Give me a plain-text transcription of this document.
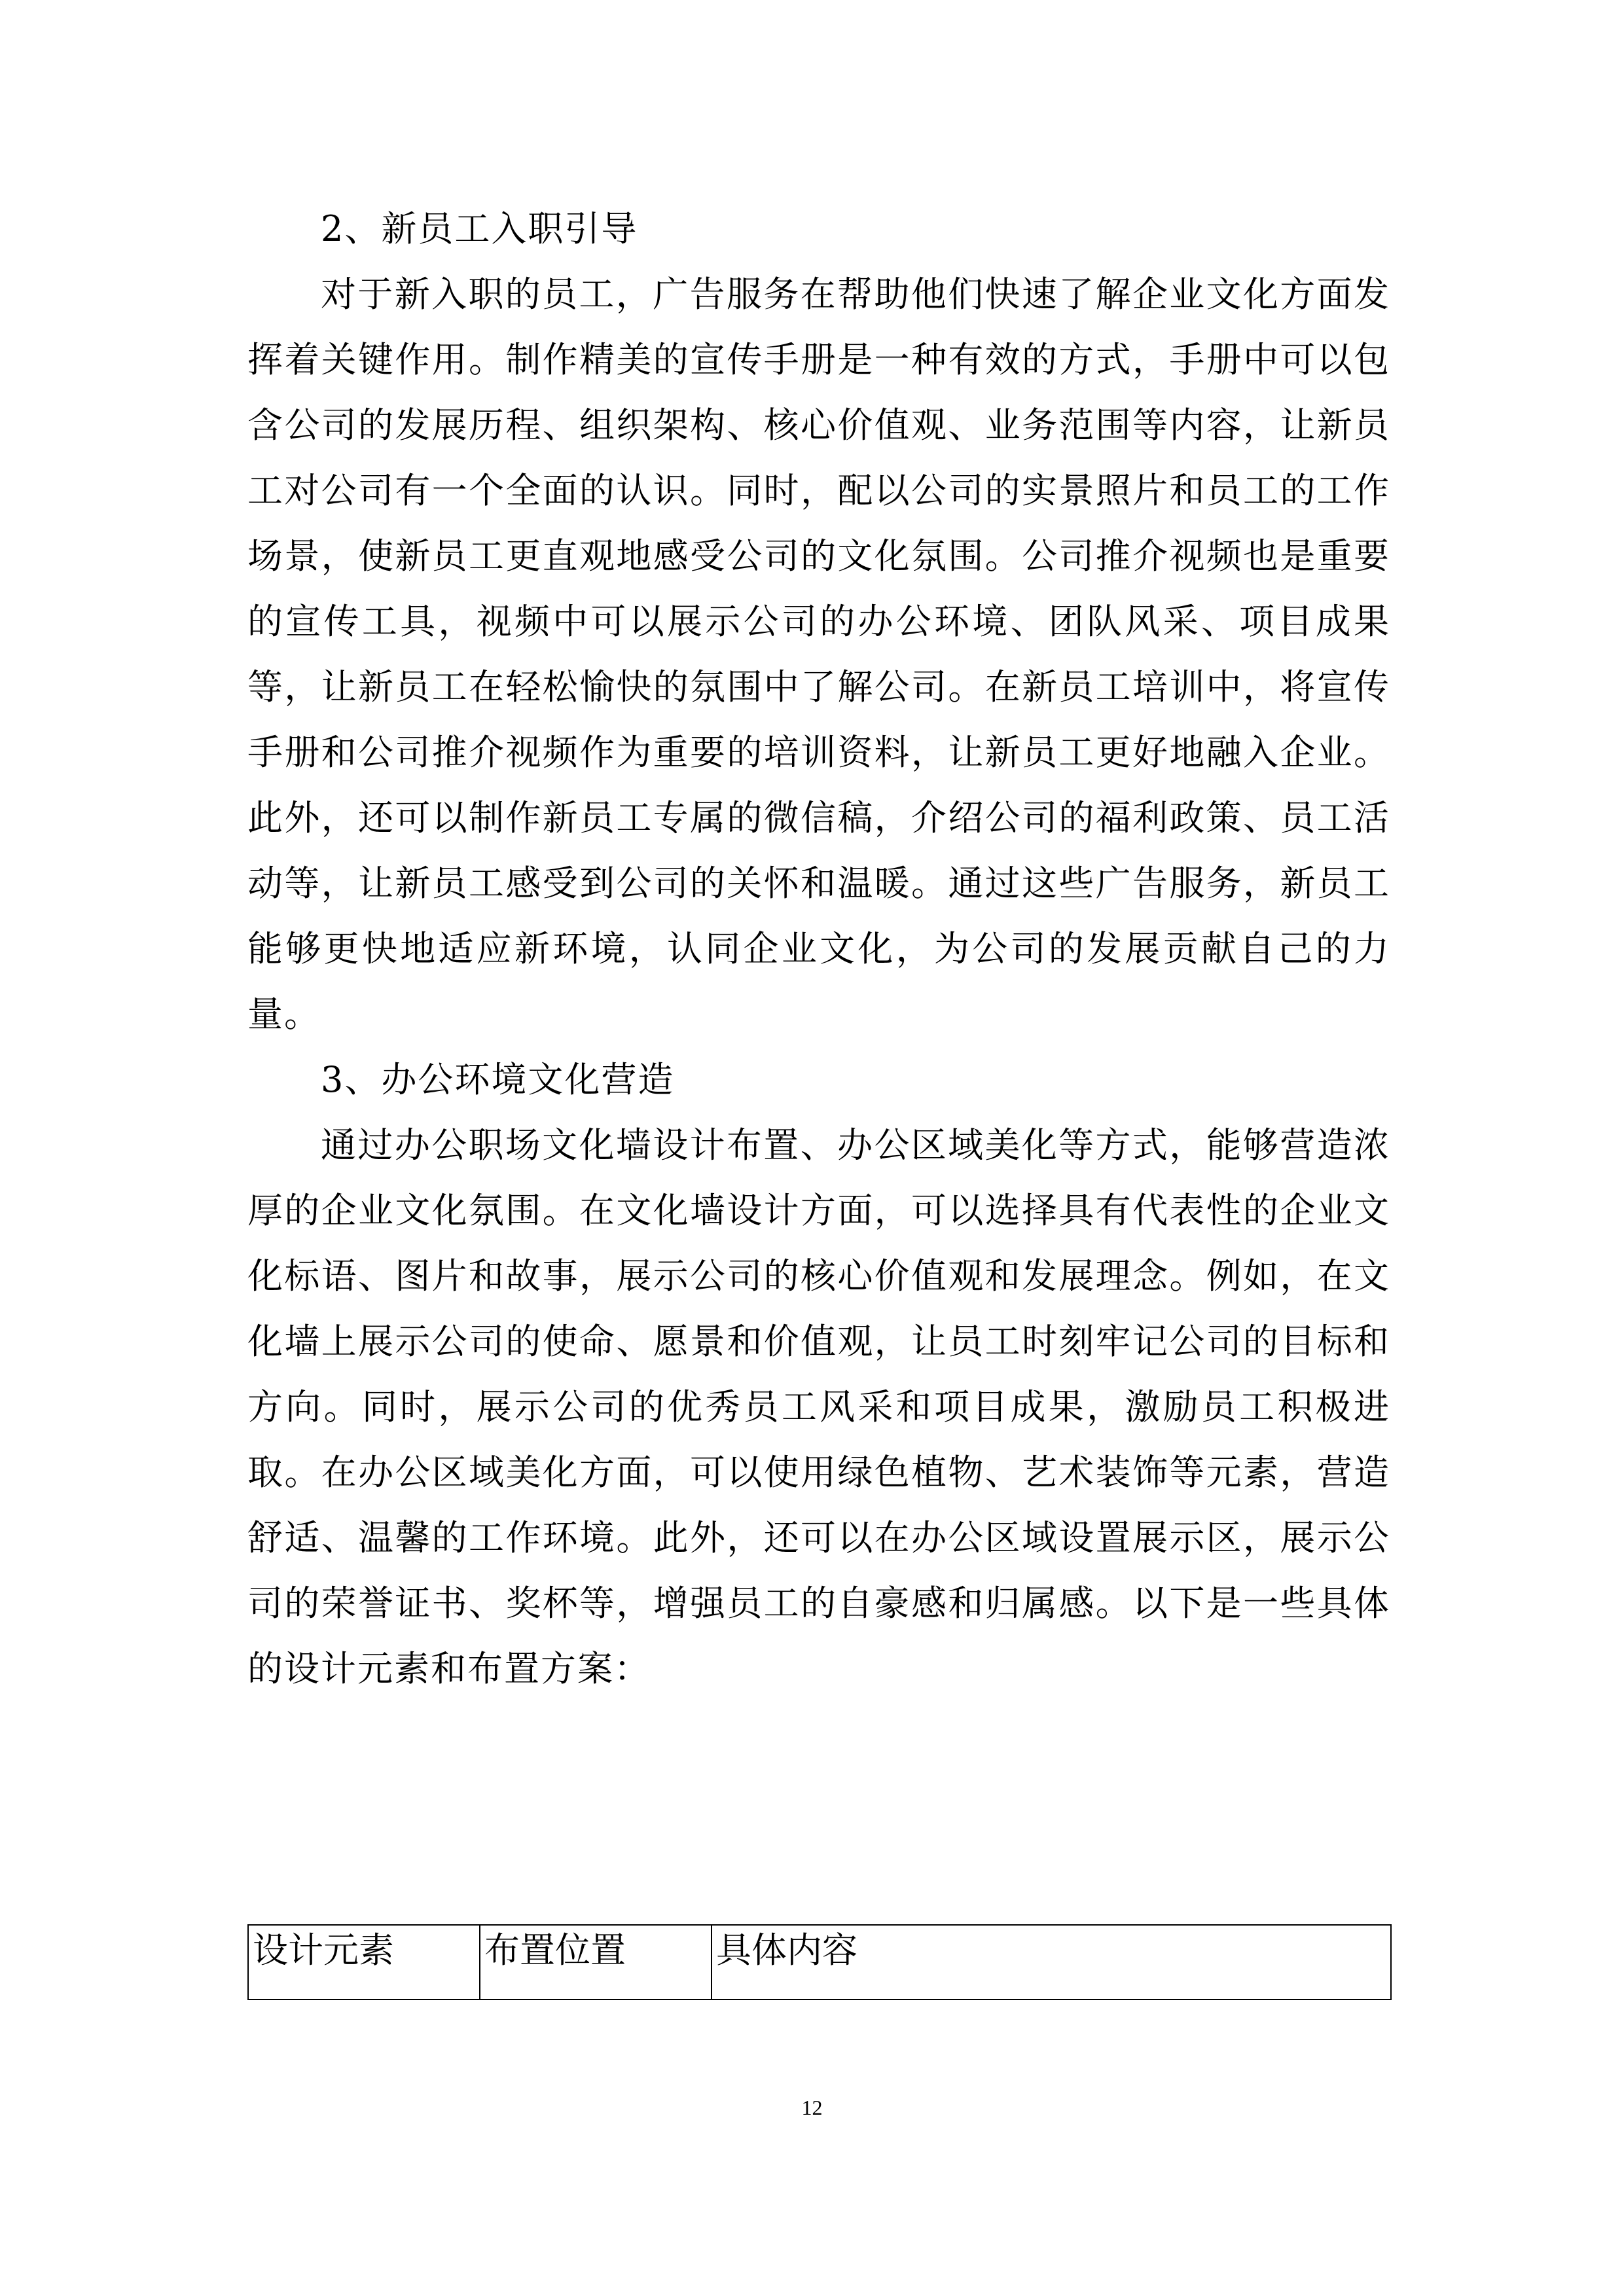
2、新员工入职引导

对于新入职的员工，广告服务在帮助他们快速了解企业文化方面发挥着关键作用。制作精美的宣传手册是一种有效的方式，手册中可以包含公司的发展历程、组织架构、核心价值观、业务范围等内容，让新员工对公司有一个全面的认识。同时，配以公司的实景照片和员工的工作场景，使新员工更直观地感受公司的文化氛围。公司推介视频也是重要的宣传工具，视频中可以展示公司的办公环境、团队风采、项目成果等，让新员工在轻松愉快的氛围中了解公司。在新员工培训中，将宣传手册和公司推介视频作为重要的培训资料，让新员工更好地融入企业。此外，还可以制作新员工专属的微信稿，介绍公司的福利政策、员工活动等，让新员工感受到公司的关怀和温暖。通过这些广告服务，新员工能够更快地适应新环境，认同企业文化，为公司的发展贡献自己的力量。

3、办公环境文化营造

通过办公职场文化墙设计布置、办公区域美化等方式，能够营造浓厚的企业文化氛围。在文化墙设计方面，可以选择具有代表性的企业文化标语、图片和故事，展示公司的核心价值观和发展理念。例如，在文化墙上展示公司的使命、愿景和价值观，让员工时刻牢记公司的目标和方向。同时，展示公司的优秀员工风采和项目成果，激励员工积极进取。在办公区域美化方面，可以使用绿色植物、艺术装饰等元素，营造舒适、温馨的工作环境。此外，还可以在办公区域设置展示区，展示公司的荣誉证书、奖杯等，增强员工的自豪感和归属感。以下是一些具体的设计元素和布置方案：

设计元素	布置位置	具体内容
12
